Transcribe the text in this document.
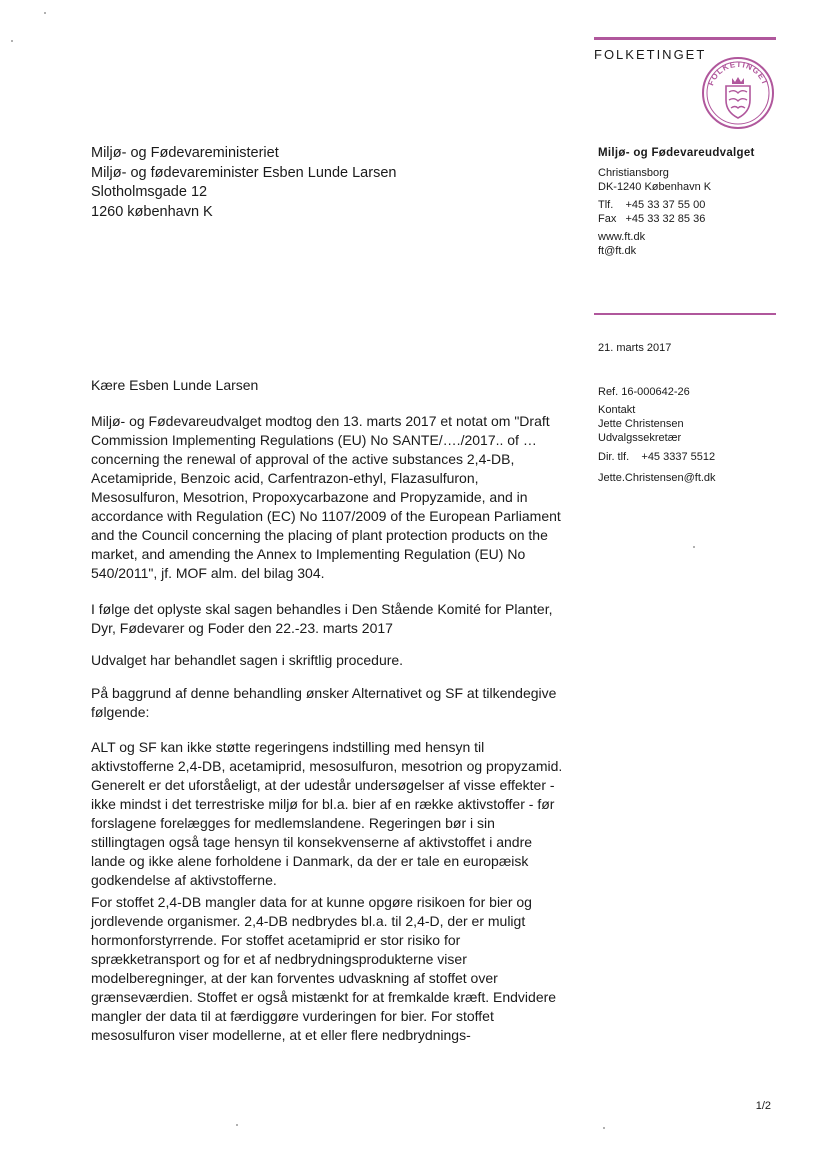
FOLKETINGET
FOLKETINGET
Miljø- og Fødevareministeriet
Miljø- og fødevareminister Esben Lunde Larsen
Slotholmsgade 12
1260 københavn K
Miljø- og Fødevareudvalget
Christiansborg
DK-1240 København K
Tlf.    +45 33 37 55 00
Fax   +45 33 32 85 36
www.ft.dk
ft@ft.dk
21. marts 2017
Ref. 16-000642-26
Kontakt
Jette Christensen
Udvalgssekretær
Dir. tlf.    +45 3337 5512
Jette.Christensen@ft.dk
Kære Esben Lunde Larsen

Miljø- og Fødevareudvalget modtog den 13. marts 2017 et notat om "Draft Commission Implementing Regulations (EU) No SANTE/…./2017.. of … concerning the renewal of approval of the active substances 2,4-DB, Acetamipride, Benzoic acid, Carfentrazon-ethyl, Flazasulfuron, Mesosulfuron, Mesotrion, Propoxycarbazone and Propyzamide, and in accordance with Regulation (EC) No 1107/2009 of the European Parliament and the Council concerning the placing of plant protection products on the market, and amending the Annex to Implementing Regulation (EU) No 540/2011", jf. MOF alm. del bilag 304.

I følge det oplyste skal sagen behandles i Den Stående Komité for Planter, Dyr, Fødevarer og Foder den 22.-23. marts 2017

Udvalget har behandlet sagen i skriftlig procedure.

På baggrund af denne behandling ønsker Alternativet og SF at tilkendegive følgende:

ALT og SF kan ikke støtte regeringens indstilling med hensyn til aktivstofferne 2,4-DB, acetamiprid, mesosulfuron, mesotrion og propyzamid. Generelt er det uforståeligt, at der udestår undersøgelser af visse effekter - ikke mindst i det terrestriske miljø for bl.a. bier af en række aktivstoffer - før forslagene forelægges for medlemslandene. Regeringen bør i sin stillingtagen også tage hensyn til konsekvenserne af aktivstoffet i andre lande og ikke alene forholdene i Danmark, da der er tale en europæisk godkendelse af aktivstofferne.

For stoffet 2,4-DB mangler data for at kunne opgøre risikoen for bier og jordlevende organismer. 2,4-DB nedbrydes bl.a. til 2,4-D, der er muligt hormonforstyrrende. For stoffet acetamiprid er stor risiko for sprækketransport og for et af nedbrydningsprodukterne viser modelberegninger, at der kan forventes udvaskning af stoffet over grænseværdien. Stoffet er også mistænkt for at fremkalde kræft. Endvidere mangler der data til at færdiggøre vurderingen for bier. For stoffet mesosulfuron viser modellerne, at et eller flere nedbrydnings-

1/2
